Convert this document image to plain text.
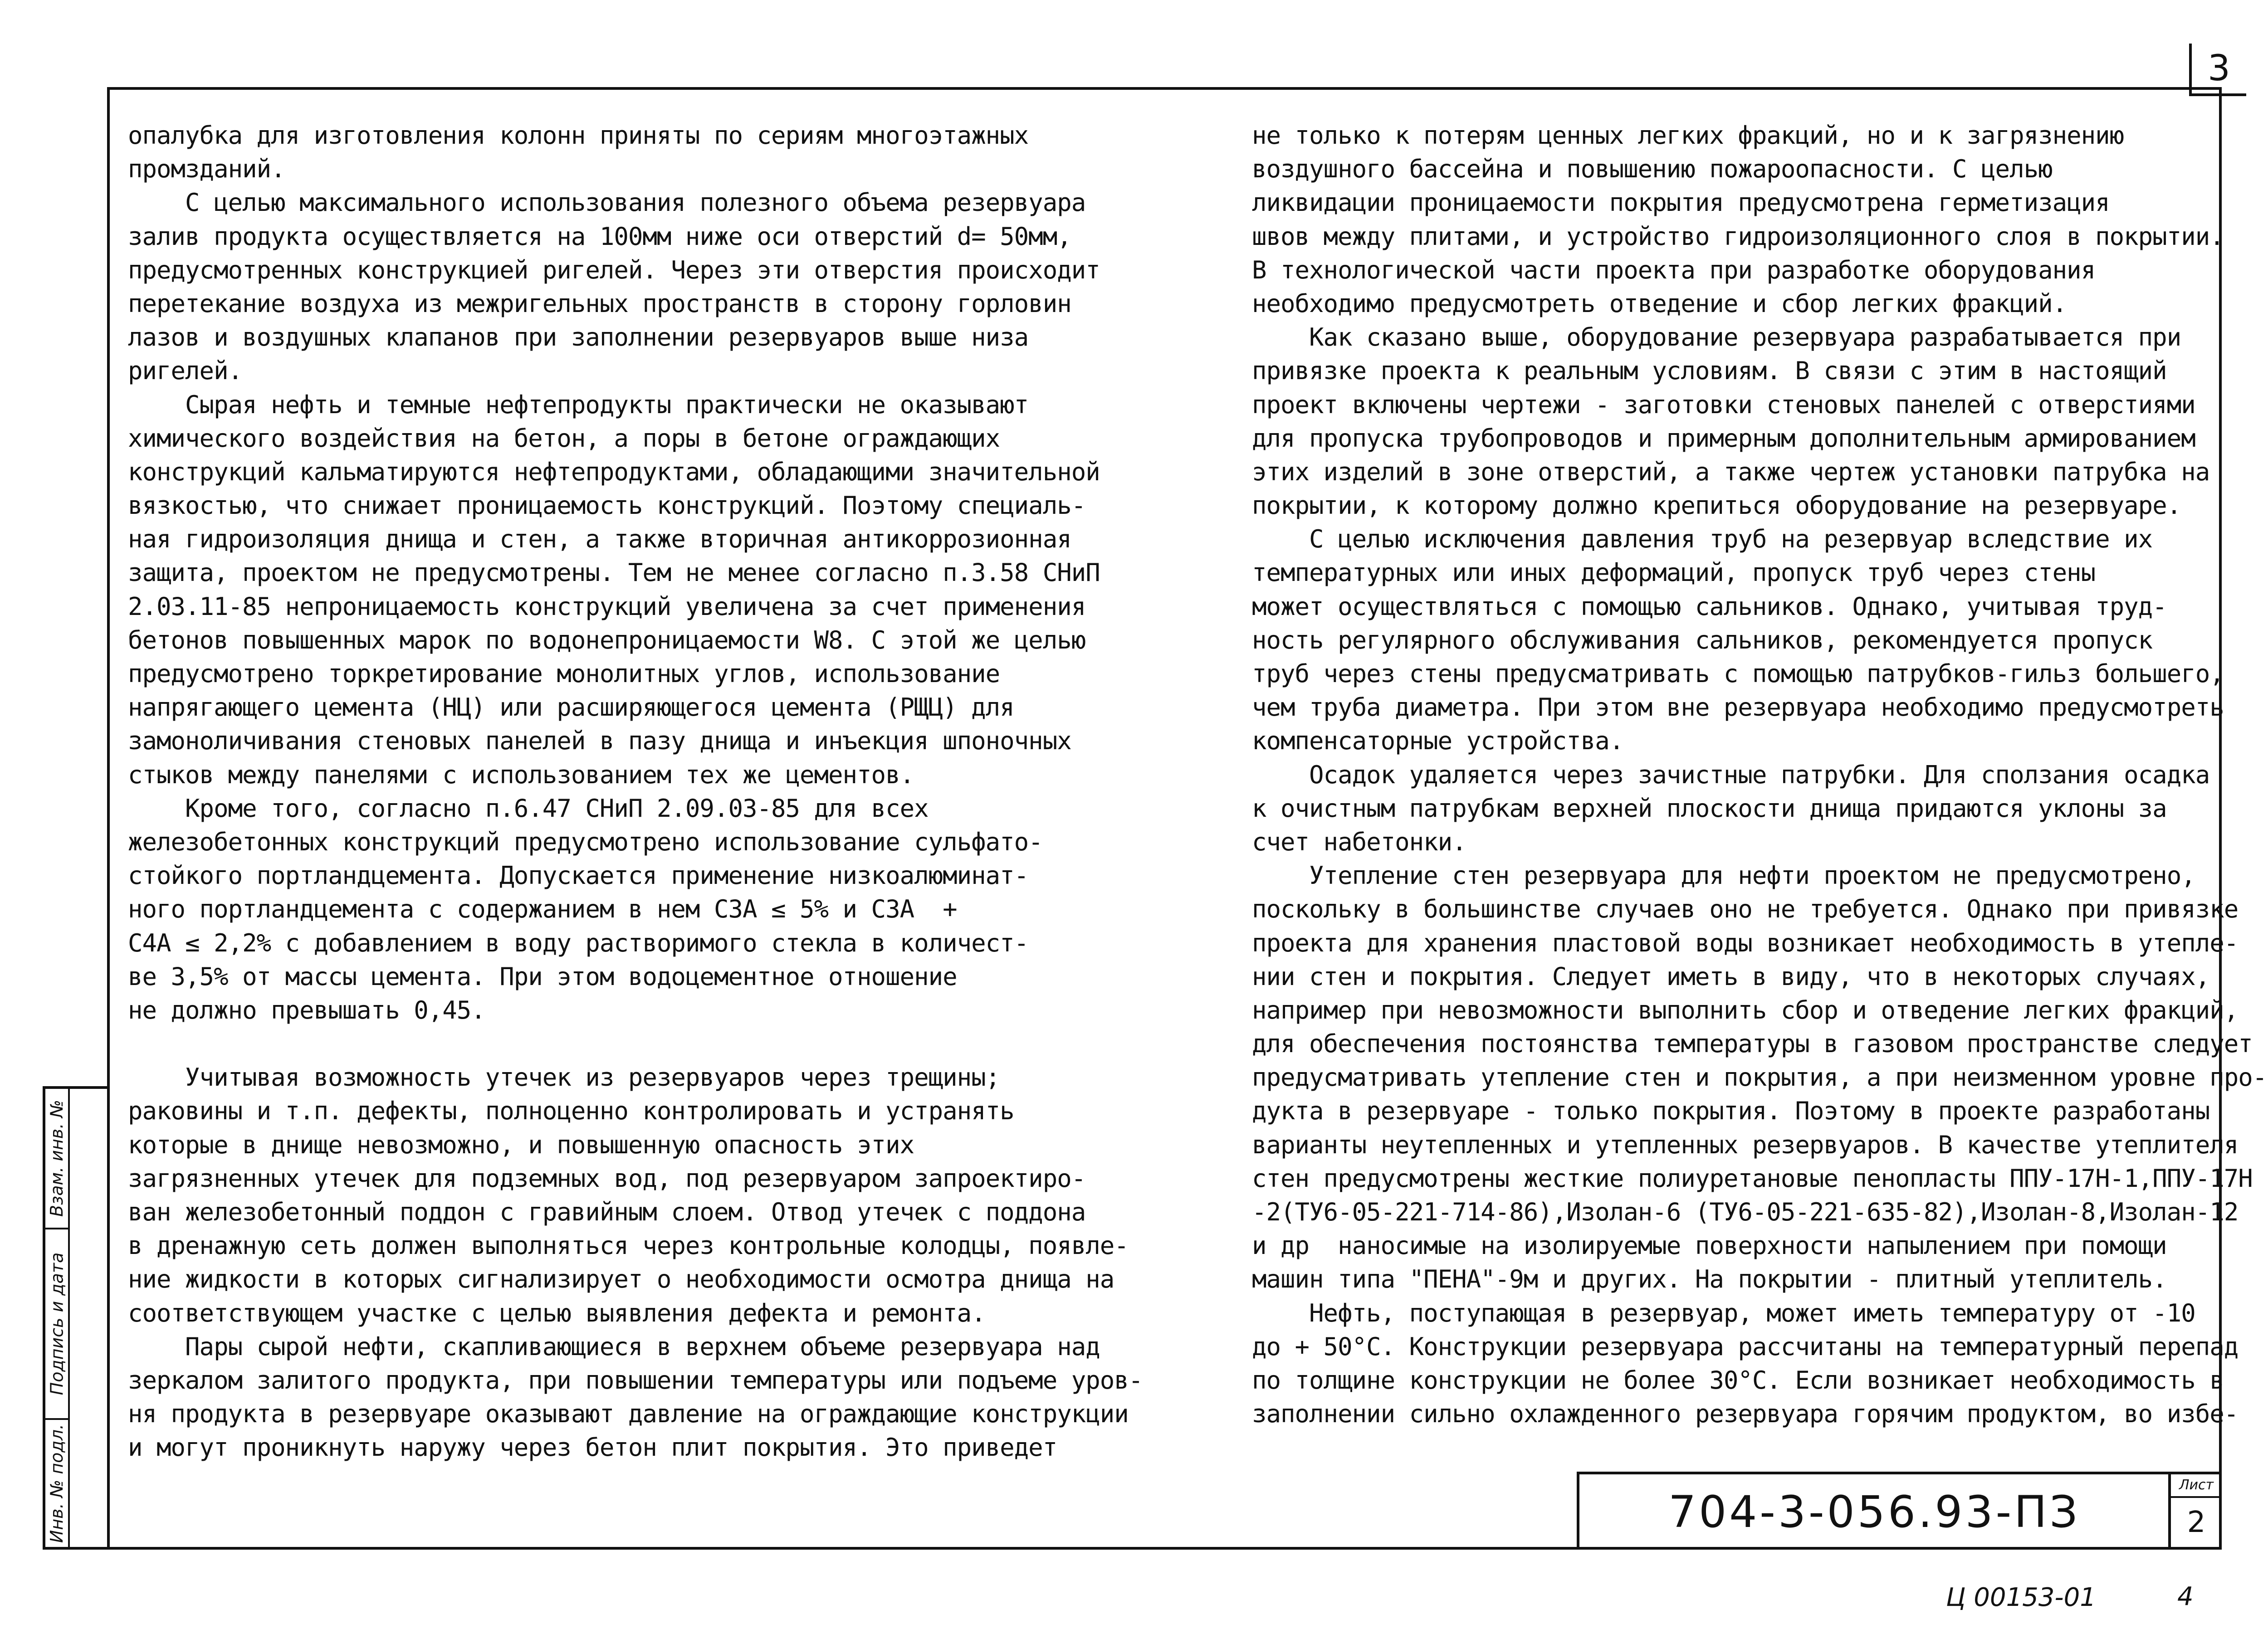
3
Взам. инв. №
Подпись и дата
Инв. № подл.
опалубка для изготовления колонн приняты по сериям многоэтажных
промзданий.
С целью максимального использования полезного объема резервуара
залив продукта осуществляется на 100мм ниже оси отверстий d= 50мм,
предусмотренных конструкцией ригелей. Через эти отверстия происходит
перетекание воздуха из межригельных пространств в сторону горловин
лазов и воздушных клапанов при заполнении резервуаров выше низа
ригелей.
Сырая нефть и темные нефтепродукты практически не оказывают
химического воздействия на бетон, а поры в бетоне ограждающих
конструкций кальматируются нефтепродуктами, обладающими значительной
вязкостью, что снижает проницаемость конструкций. Поэтому специаль-
ная гидроизоляция днища и стен, а также вторичная антикоррозионная
защита, проектом не предусмотрены. Тем не менее согласно п.3.58 СНиП
2.03.11-85 непроницаемость конструкций увеличена за счет применения
бетонов повышенных марок по водонепроницаемости W8. С этой же целью
предусмотрено торкретирование монолитных углов, использование
напрягающего цемента (НЦ) или расширяющегося цемента (РЩЦ) для
замоноличивания стеновых панелей в пазу днища и инъекция шпоночных
стыков между панелями с использованием тех же цементов.
Кроме того, согласно п.6.47 СНиП 2.09.03-85 для всех
железобетонных конструкций предусмотрено использование сульфато-
стойкого портландцемента. Допускается применение низкоалюминат-
ного портландцемента с содержанием в нем C3A ≤ 5% и C3A  +
C4A ≤ 2,2% с добавлением в воду растворимого стекла в количест-
ве 3,5% от массы цемента. При этом водоцементное отношение
не должно превышать 0,45.
Учитывая возможность утечек из резервуаров через трещины;
раковины и т.п. дефекты, полноценно контролировать и устранять
которые в днище невозможно, и повышенную опасность этих
загрязненных утечек для подземных вод, под резервуаром запроектиро-
ван железобетонный поддон с гравийным слоем. Отвод утечек с поддона
в дренажную сеть должен выполняться через контрольные колодцы, появле-
ние жидкости в которых сигнализирует о необходимости осмотра днища на
соответствующем участке с целью выявления дефекта и ремонта.
Пары сырой нефти, скапливающиеся в верхнем объеме резервуара над
зеркалом залитого продукта, при повышении температуры или подъеме уров-
ня продукта в резервуаре оказывают давление на ограждающие конструкции
и могут проникнуть наружу через бетон плит покрытия. Это приведет
не только к потерям ценных легких фракций, но и к загрязнению
воздушного бассейна и повышению пожароопасности. С целью
ликвидации проницаемости покрытия предусмотрена герметизация
швов между плитами, и устройство гидроизоляционного слоя в покрытии.
В технологической части проекта при разработке оборудования
необходимо предусмотреть отведение и сбор легких фракций.
Как сказано выше, оборудование резервуара разрабатывается при
привязке проекта к реальным условиям. В связи с этим в настоящий
проект включены чертежи - заготовки стеновых панелей с отверстиями
для пропуска трубопроводов и примерным дополнительным армированием
этих изделий в зоне отверстий, а также чертеж установки патрубка на
покрытии, к которому должно крепиться оборудование на резервуаре.
С целью исключения давления труб на резервуар вследствие их
температурных или иных деформаций, пропуск труб через стены
может осуществляться с помощью сальников. Однако, учитывая труд-
ность регулярного обслуживания сальников, рекомендуется пропуск
труб через стены предусматривать с помощью патрубков-гильз большего,
чем труба диаметра. При этом вне резервуара необходимо предусмотреть
компенсаторные устройства.
Осадок удаляется через зачистные патрубки. Для сползания осадка
к очистным патрубкам верхней плоскости днища придаются уклоны за
счет набетонки.
Утепление стен резервуара для нефти проектом не предусмотрено,
поскольку в большинстве случаев оно не требуется. Однако при привязке
проекта для хранения пластовой воды возникает необходимость в утепле-
нии стен и покрытия. Следует иметь в виду, что в некоторых случаях,
например при невозможности выполнить сбор и отведение легких фракций,
для обеспечения постоянства температуры в газовом пространстве следует
предусматривать утепление стен и покрытия, а при неизменном уровне про-
дукта в резервуаре - только покрытия. Поэтому в проекте разработаны
варианты неутепленных и утепленных резервуаров. В качестве утеплителя
стен предусмотрены жесткие полиуретановые пенопласты ППУ-17Н-1,ППУ-17Н
-2(ТУ6-05-221-714-86),Изолан-6 (ТУ6-05-221-635-82),Изолан-8,Изолан-12
и др  наносимые на изолируемые поверхности напылением при помощи
машин типа "ПЕНА"-9м и других. На покрытии - плитный утеплитель.
Нефть, поступающая в резервуар, может иметь температуру от -10
до + 50°С. Конструкции резервуара рассчитаны на температурный перепад
по толщине конструкции не более 30°С. Если возникает необходимость в
заполнении сильно охлажденного резервуара горячим продуктом, во избе-
704-3-056.93-ПЗ
Лист
2
Ц 00153-01	4
